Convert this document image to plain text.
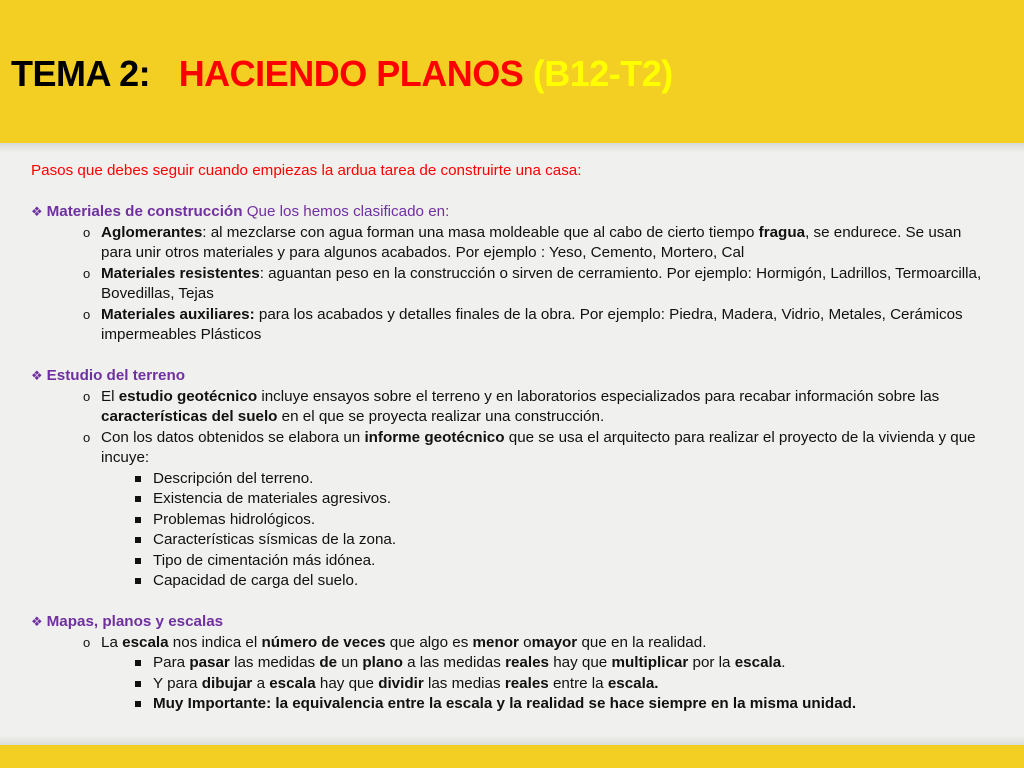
TEMA 2: HACIENDO PLANOS (B12-T2)

Pasos que debes seguir cuando empiezas la ardua tarea de construirte una casa:

❖ Materiales de construcción Que los hemos clasificado en:

o Aglomerantes: al mezclarse con agua forman una masa moldeable que al cabo de cierto tiempo fragua, se endurece. Se usan para unir otros materiales y para algunos acabados. Por ejemplo : Yeso, Cemento, Mortero, Cal
o Materiales resistentes: aguantan peso en la construcción o sirven de cerramiento. Por ejemplo: Hormigón, Ladrillos, Termoarcilla, Bovedillas, Tejas
o Materiales auxiliares: para los acabados y detalles finales de la obra. Por ejemplo: Piedra, Madera, Vidrio, Metales, Cerámicos impermeables Plásticos

❖ Estudio del terreno

o El estudio geotécnico incluye ensayos sobre el terreno y en laboratorios especializados para recabar información sobre las características del suelo en el que se proyecta realizar una construcción.
o Con los datos obtenidos se elabora un informe geotécnico que se usa el arquitecto para realizar el proyecto de la vivienda y que incuye:
Descripción del terreno.
Existencia de materiales agresivos.
Problemas hidrológicos.
Características sísmicas de la zona.
Tipo de cimentación más idónea.
Capacidad de carga del suelo.

❖ Mapas, planos y escalas

o La escala nos indica el número de veces que algo es menor omayor que en la realidad.
Para pasar las medidas de un plano a las medidas reales hay que multiplicar por la escala.
Y para dibujar a escala hay que dividir las medias reales entre la escala.
Muy Importante: la equivalencia entre la escala y la realidad se hace siempre en la misma unidad.
